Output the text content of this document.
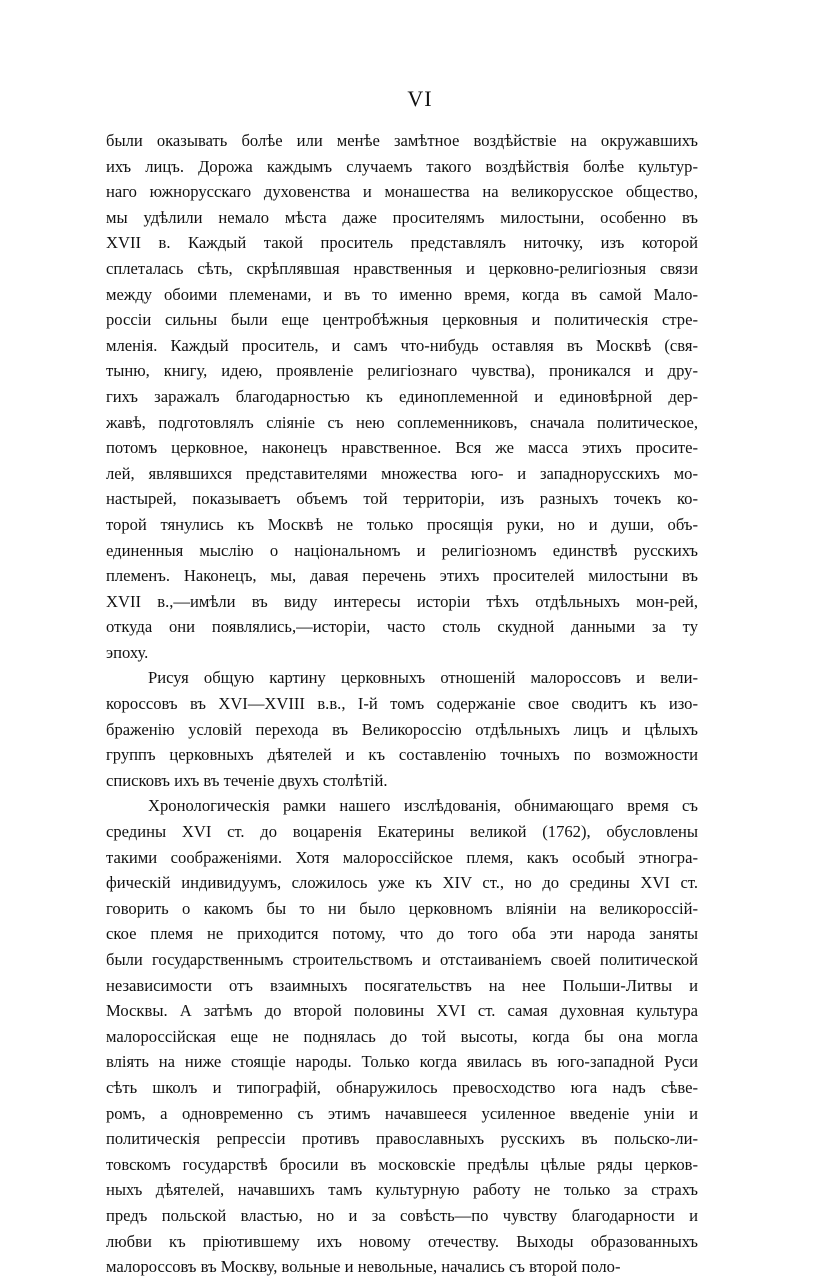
VI
были оказывать болѣе или менѣе замѣтное воздѣйствіе на окружавшихъ
ихъ лицъ. Дорожа каждымъ случаемъ такого воздѣйствія болѣе культур-
наго южнорусскаго духовенства и монашества на великорусское общество,
мы удѣлили немало мѣста даже просителямъ милостыни, особенно въ
XVII в. Каждый такой проситель представлялъ ниточку, изъ которой
сплеталась сѣть, скрѣплявшая нравственныя и церковно-религіозныя связи
между обоими племенами, и въ то именно время, когда въ самой Мало-
россіи сильны были еще центробѣжныя церковныя и политическія стре-
мленія. Каждый проситель, и самъ что-нибудь оставляя въ Москвѣ (свя-
тыню, книгу, идею, проявленіе религіознаго чувства), проникался и дру-
гихъ заражалъ благодарностью къ единоплеменной и единовѣрной дер-
жавѣ, подготовлялъ сліяніе съ нею соплеменниковъ, сначала политическое,
потомъ церковное, наконецъ нравственное. Вся же масса этихъ просите-
лей, являвшихся представителями множества юго- и западнорусскихъ мо-
настырей, показываетъ объемъ той территоріи, изъ разныхъ точекъ ко-
торой тянулись къ Москвѣ не только просящія руки, но и души, объ-
единенныя мыслію о національномъ и религіозномъ единствѣ русскихъ
племенъ. Наконецъ, мы, давая перечень этихъ просителей милостыни въ
XVII в.,—имѣли въ виду интересы исторіи тѣхъ отдѣльныхъ мон-рей,
откуда они появлялись,—исторіи, часто столь скудной данными за ту
эпоху.
Рисуя общую картину церковныхъ отношеній малороссовъ и вели-
короссовъ въ XVI—XVIII в.в., І-й томъ содержаніе свое сводитъ къ изо-
браженію условій перехода въ Великороссію отдѣльныхъ лицъ и цѣлыхъ
группъ церковныхъ дѣятелей и къ составленію точныхъ по возможности
списковъ ихъ въ теченіе двухъ столѣтій.
Хронологическія рамки нашего изслѣдованія, обнимающаго время съ
средины XVI ст. до воцаренія Екатерины великой (1762), обусловлены
такими соображеніями. Хотя малороссійское племя, какъ особый этногра-
фическій индивидуумъ, сложилось уже къ XIV ст., но до средины XVI ст.
говорить о какомъ бы то ни было церковномъ вліяніи на великороссій-
ское племя не приходится потому, что до того оба эти народа заняты
были государственнымъ строительствомъ и отстаиваніемъ своей политической
независимости отъ взаимныхъ посягательствъ на нее Польши-Литвы и
Москвы. А затѣмъ до второй половины XVI ст. самая духовная культура
малороссійская еще не поднялась до той высоты, когда бы она могла
вліять на ниже стоящіе народы. Только когда явилась въ юго-западной Руси
сѣть школъ и типографій, обнаружилось превосходство юга надъ сѣве-
ромъ, а одновременно съ этимъ начавшееся усиленное введеніе уніи и
политическія репрессіи противъ православныхъ русскихъ въ польско-ли-
товскомъ государствѣ бросили въ московскіе предѣлы цѣлые ряды церков-
ныхъ дѣятелей, начавшихъ тамъ культурную работу не только за страхъ
предъ польской властью, но и за совѣсть—по чувству благодарности и
любви къ пріютившему ихъ новому отечеству. Выходы образованныхъ
малороссовъ въ Москву, вольные и невольные, начались съ второй поло-
